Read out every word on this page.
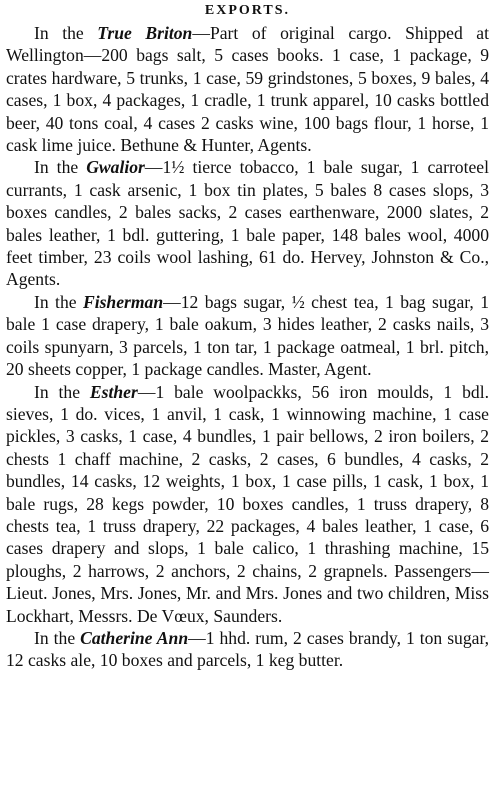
EXPORTS.

In the True Briton—Part of original cargo. Shipped at Wellington—200 bags salt, 5 cases books. 1 case, 1 package, 9 crates hardware, 5 trunks, 1 case, 59 grindstones, 5 boxes, 9 bales, 4 cases, 1 box, 4 packages, 1 cradle, 1 trunk apparel, 10 casks bottled beer, 40 tons coal, 4 cases 2 casks wine, 100 bags flour, 1 horse, 1 cask lime juice. Bethune & Hunter, Agents.

In the Gwalior—1½ tierce tobacco, 1 bale sugar, 1 carroteel currants, 1 cask arsenic, 1 box tin plates, 5 bales 8 cases slops, 3 boxes candles, 2 bales sacks, 2 cases earthenware, 2000 slates, 2 bales leather, 1 bdl. guttering, 1 bale paper, 148 bales wool, 4000 feet timber, 23 coils wool lashing, 61 do. Hervey, Johnston & Co., Agents.

In the Fisherman—12 bags sugar, ½ chest tea, 1 bag sugar, 1 bale 1 case drapery, 1 bale oakum, 3 hides leather, 2 casks nails, 3 coils spunyarn, 3 parcels, 1 ton tar, 1 package oatmeal, 1 brl. pitch, 20 sheets copper, 1 package candles. Master, Agent.

In the Esther—1 bale woolpackks, 56 iron moulds, 1 bdl. sieves, 1 do. vices, 1 anvil, 1 cask, 1 winnowing machine, 1 case pickles, 3 casks, 1 case, 4 bundles, 1 pair bellows, 2 iron boilers, 2 chests 1 chaff machine, 2 casks, 2 cases, 6 bundles, 4 casks, 2 bundles, 14 casks, 12 weights, 1 box, 1 case pills, 1 cask, 1 box, 1 bale rugs, 28 kegs powder, 10 boxes candles, 1 truss drapery, 8 chests tea, 1 truss drapery, 22 packages, 4 bales leather, 1 case, 6 cases drapery and slops, 1 bale calico, 1 thrashing machine, 15 ploughs, 2 harrows, 2 anchors, 2 chains, 2 grapnels. Passengers—Lieut. Jones, Mrs. Jones, Mr. and Mrs. Jones and two children, Miss Lockhart, Messrs. De Vœux, Saunders.

In the Catherine Ann—1 hhd. rum, 2 cases brandy, 1 ton sugar, 12 casks ale, 10 boxes and parcels, 1 keg butter.
